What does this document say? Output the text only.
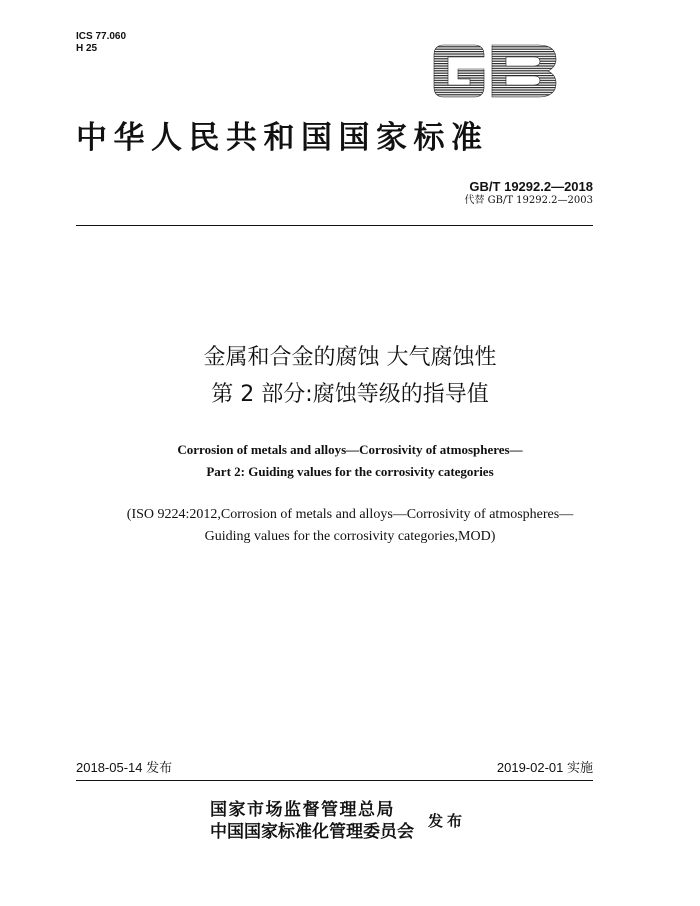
ICS 77.060
H 25
中华人民共和国国家标准
GB/T 19292.2—2018
代替 GB/T 19292.2—2003
金属和合金的腐蚀 大气腐蚀性
第 2 部分:腐蚀等级的指导值
Corrosion of metals and alloys—Corrosivity of atmospheres—
Part 2: Guiding values for the corrosivity categories
(ISO 9224:2012,Corrosion of metals and alloys—Corrosivity of atmospheres—
Guiding values for the corrosivity categories,MOD)
2018-05-14 发布	2019-02-01 实施
国家市场监督管理总局
中国国家标准化管理委员会
发布
